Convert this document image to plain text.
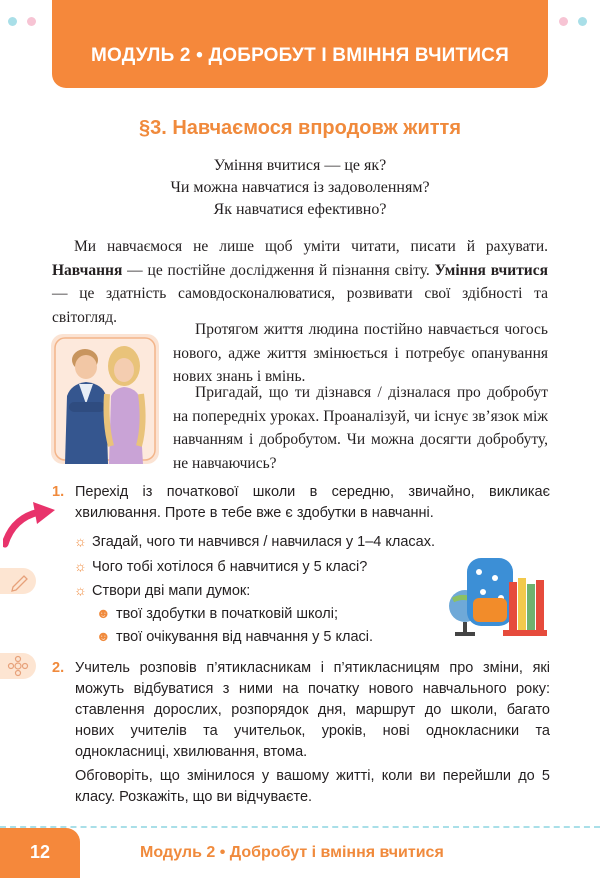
МОДУЛЬ 2 • ДОБРОБУТ І ВМІННЯ ВЧИТИСЯ
§3. Навчаємося впродовж життя
Уміння вчитися — це як?
Чи можна навчатися із задоволенням?
Як навчатися ефективно?
Ми навчаємося не лише щоб уміти читати, писати й рахувати. Навчання — це постійне дослідження й пізнання світу. Уміння вчитися — це здатність самовдосконалюватися, розвивати свої здібності та світогляд.
Протягом життя людина постійно навчається чогось нового, адже життя змінюється і потребує опанування нових знань і вмінь.
Пригадай, що ти дізнався / дізналася про добробут на попередніх уроках. Проаналізуй, чи існує зв’язок між навчанням і добробутом. Чи можна досягти добробуту, не навчаючись?
1. Перехід із початкової школи в середню, звичайно, викликає хвилювання. Проте в тебе вже є здобутки в навчанні.
☼ Згадай, чого ти навчився / навчилася у 1–4 класах.
☼ Чого тобі хотілося б навчитися у 5 класі?
☼ Створи дві мапи думок:
☻ твої здобутки в початковій школі;
☻ твої очікування від навчання у 5 класі.
2. Учитель розповів п’ятикласникам і п’ятикласницям про зміни, які можуть відбуватися з ними на початку нового навчального року: ставлення дорослих, розпорядок дня, маршрут до школи, багато нових учителів та учительок, уроків, нові однокласники та однокласниці, хвилювання, втома.
Обговоріть, що змінилося у вашому житті, коли ви перейшли до 5 класу. Розкажіть, що ви відчуваєте.
12	Модуль 2 • Добробут і вміння вчитися
